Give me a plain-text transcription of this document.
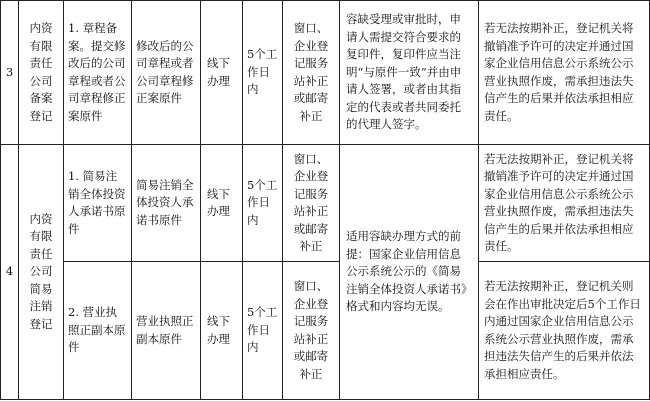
3	内资有限责任公司备案登记	1. 章程备案。提交修改后的公司章程或者公司章程修正案原件	修改后的公司章程或者公司章程修正案原件	线下办理	5个工作日内	窗口、企业登记服务站补正或邮寄补正	容缺受理或审批时，申请人需提交符合要求的复印件，复印件应当注明“与原件一致”并由申请人签署，或者由其指定的代表或者共同委托的代理人签字。	若无法按期补正，登记机关将撤销准予许可的决定并通过国家企业信用信息公示系统公示营业执照作废，需承担违法失信产生的后果并依法承担相应责任。
4	内资有限责任公司简易注销登记	1. 简易注销全体投资人承诺书原件	简易注销全体投资人承诺书原件	线下办理	5个工作日内	窗口、企业登记服务站补正或邮寄补正	适用容缺办理方式的前提：国家企业信用信息公示系统公示的《简易注销全体投资人承诺书》格式和内容均无误。	若无法按期补正，登记机关将撤销准予许可的决定并通过国家企业信用信息公示系统公示营业执照作废，需承担违法失信产生的后果并依法承担相应责任。
		2. 营业执照正副本原件	营业执照正副本原件	线下办理	5个工作日内	窗口、企业登记服务站补正或邮寄补正		若无法按期补正，登记机关则会在作出审批决定后5个工作日内通过国家企业信用信息公示系统公示营业执照作废，需承担违法失信产生的后果并依法承担相应责任。
